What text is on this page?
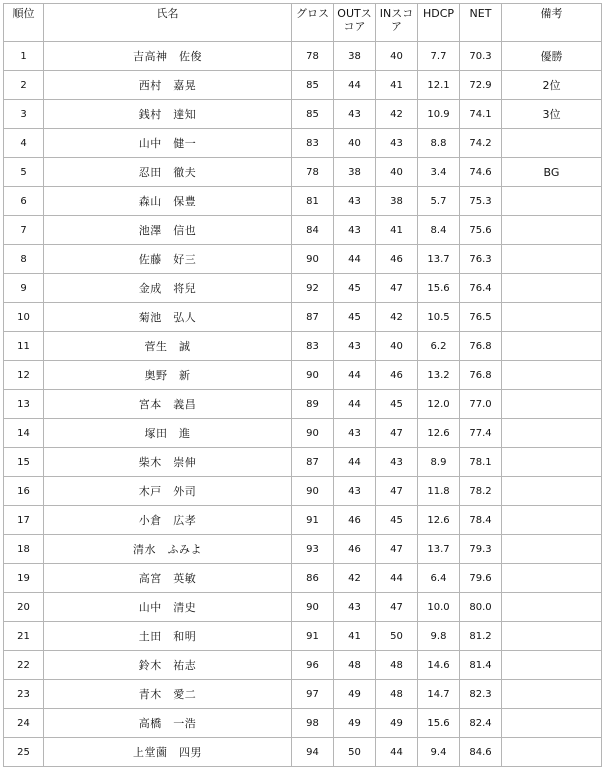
順位	氏名	グロス	OUTスコア	INスコア	HDCP	NET	備考
1	吉高神　佐俊	78	38	40	7.7	70.3	優勝
2	西村　嘉晃	85	44	41	12.1	72.9	2位
3	銭村　達知	85	43	42	10.9	74.1	3位
4	山中　健一	83	40	43	8.8	74.2	
5	忍田　徹夫	78	38	40	3.4	74.6	BG
6	森山　保豊	81	43	38	5.7	75.3	
7	池澤　信也	84	43	41	8.4	75.6	
8	佐藤　好三	90	44	46	13.7	76.3	
9	金成　将兒	92	45	47	15.6	76.4	
10	菊池　弘人	87	45	42	10.5	76.5	
11	菅生　誠	83	43	40	6.2	76.8	
12	奥野　新	90	44	46	13.2	76.8	
13	宮本　義昌	89	44	45	12.0	77.0	
14	塚田　進	90	43	47	12.6	77.4	
15	柴木　崇伸	87	44	43	8.9	78.1	
16	木戸　外司	90	43	47	11.8	78.2	
17	小倉　広孝	91	46	45	12.6	78.4	
18	清水　ふみよ	93	46	47	13.7	79.3	
19	高宮　英敏	86	42	44	6.4	79.6	
20	山中　清史	90	43	47	10.0	80.0	
21	土田　和明	91	41	50	9.8	81.2	
22	鈴木　祐志	96	48	48	14.6	81.4	
23	青木　愛二	97	49	48	14.7	82.3	
24	高橋　一浩	98	49	49	15.6	82.4	
25	上堂薗　四男	94	50	44	9.4	84.6	
